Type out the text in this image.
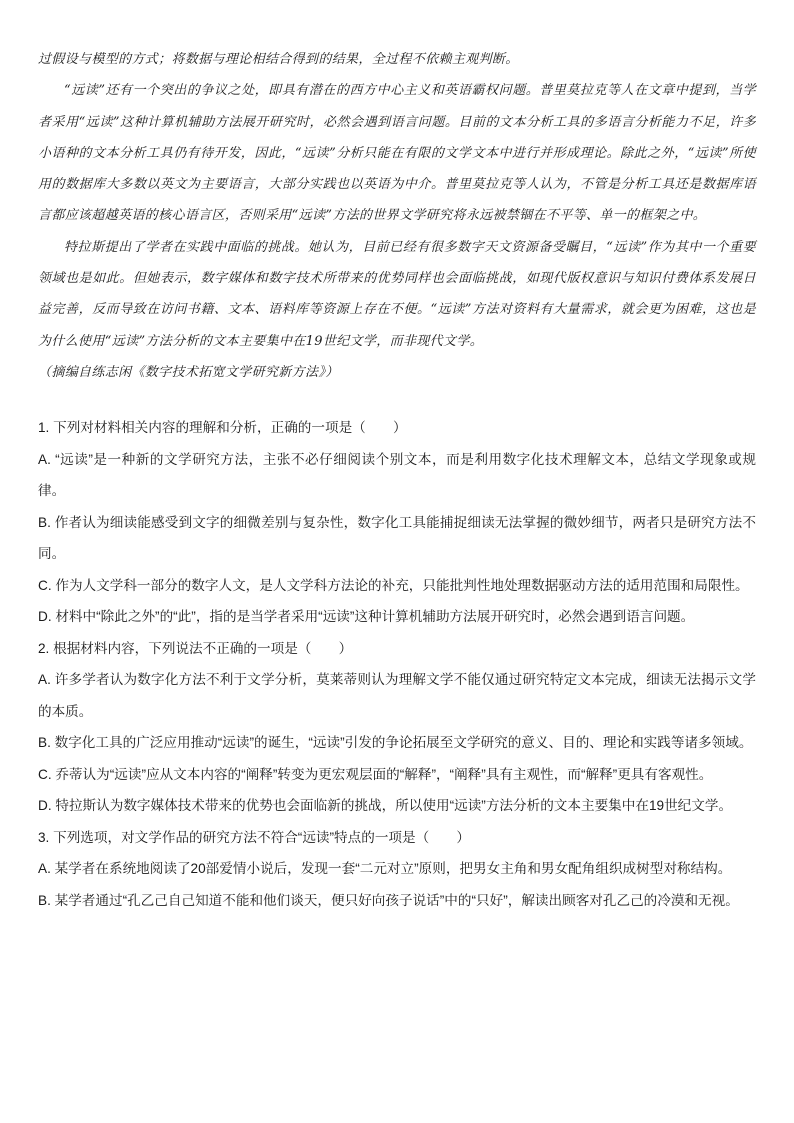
过假设与模型的方式；将数据与理论相结合得到的结果，全过程不依赖主观判断。

“远读”还有一个突出的争议之处，即具有潜在的西方中心主义和英语霸权问题。普里莫拉克等人在文章中提到，当学者采用“远读”这种计算机辅助方法展开研究时，必然会遇到语言问题。目前的文本分析工具的多语言分析能力不足，许多小语种的文本分析工具仍有待开发，因此，“远读”分析只能在有限的文学文本中进行并形成理论。除此之外，“远读”所使用的数据库大多数以英文为主要语言，大部分实践也以英语为中介。普里莫拉克等人认为，不管是分析工具还是数据库语言都应该超越英语的核心语言区，否则采用“远读”方法的世界文学研究将永远被禁锢在不平等、单一的框架之中。

特拉斯提出了学者在实践中面临的挑战。她认为，目前已经有很多数字天文资源备受瞩目，“远读”作为其中一个重要领域也是如此。但她表示，数字媒体和数字技术所带来的优势同样也会面临挑战，如现代版权意识与知识付费体系发展日益完善，反而导致在访问书籍、文本、语料库等资源上存在不便。“远读”方法对资料有大量需求，就会更为困难，这也是为什么使用“远读”方法分析的文本主要集中在19世纪文学，而非现代文学。

（摘编自练志闲《数字技术拓宽文学研究新方法》）

1. 下列对材料相关内容的理解和分析，正确的一项是（　　）

A. “远读”是一种新的文学研究方法，主张不必仔细阅读个别文本，而是利用数字化技术理解文本，总结文学现象或规律。

B. 作者认为细读能感受到文字的细微差别与复杂性，数字化工具能捕捉细读无法掌握的微妙细节，两者只是研究方法不同。

C. 作为人文学科一部分的数字人文，是人文学科方法论的补充，只能批判性地处理数据驱动方法的适用范围和局限性。

D. 材料中“除此之外”的“此”，指的是当学者采用“远读”这种计算机辅助方法展开研究时，必然会遇到语言问题。

2. 根据材料内容，下列说法不正确的一项是（　　）

A. 许多学者认为数字化方法不利于文学分析，莫莱蒂则认为理解文学不能仅通过研究特定文本完成，细读无法揭示文学的本质。

B. 数字化工具的广泛应用推动“远读”的诞生，“远读”引发的争论拓展至文学研究的意义、目的、理论和实践等诸多领域。

C. 乔蒂认为“远读”应从文本内容的“阐释”转变为更宏观层面的“解释”，“阐释”具有主观性，而“解释”更具有客观性。

D. 特拉斯认为数字媒体技术带来的优势也会面临新的挑战，所以使用“远读”方法分析的文本主要集中在19世纪文学。

3. 下列选项，对文学作品的研究方法不符合“远读”特点的一项是（　　）

A. 某学者在系统地阅读了20部爱情小说后，发现一套“二元对立”原则，把男女主角和男女配角组织成树型对称结构。

B. 某学者通过“孔乙己自己知道不能和他们谈天，便只好向孩子说话”中的“只好”，解读出顾客对孔乙己的冷漠和无视。
